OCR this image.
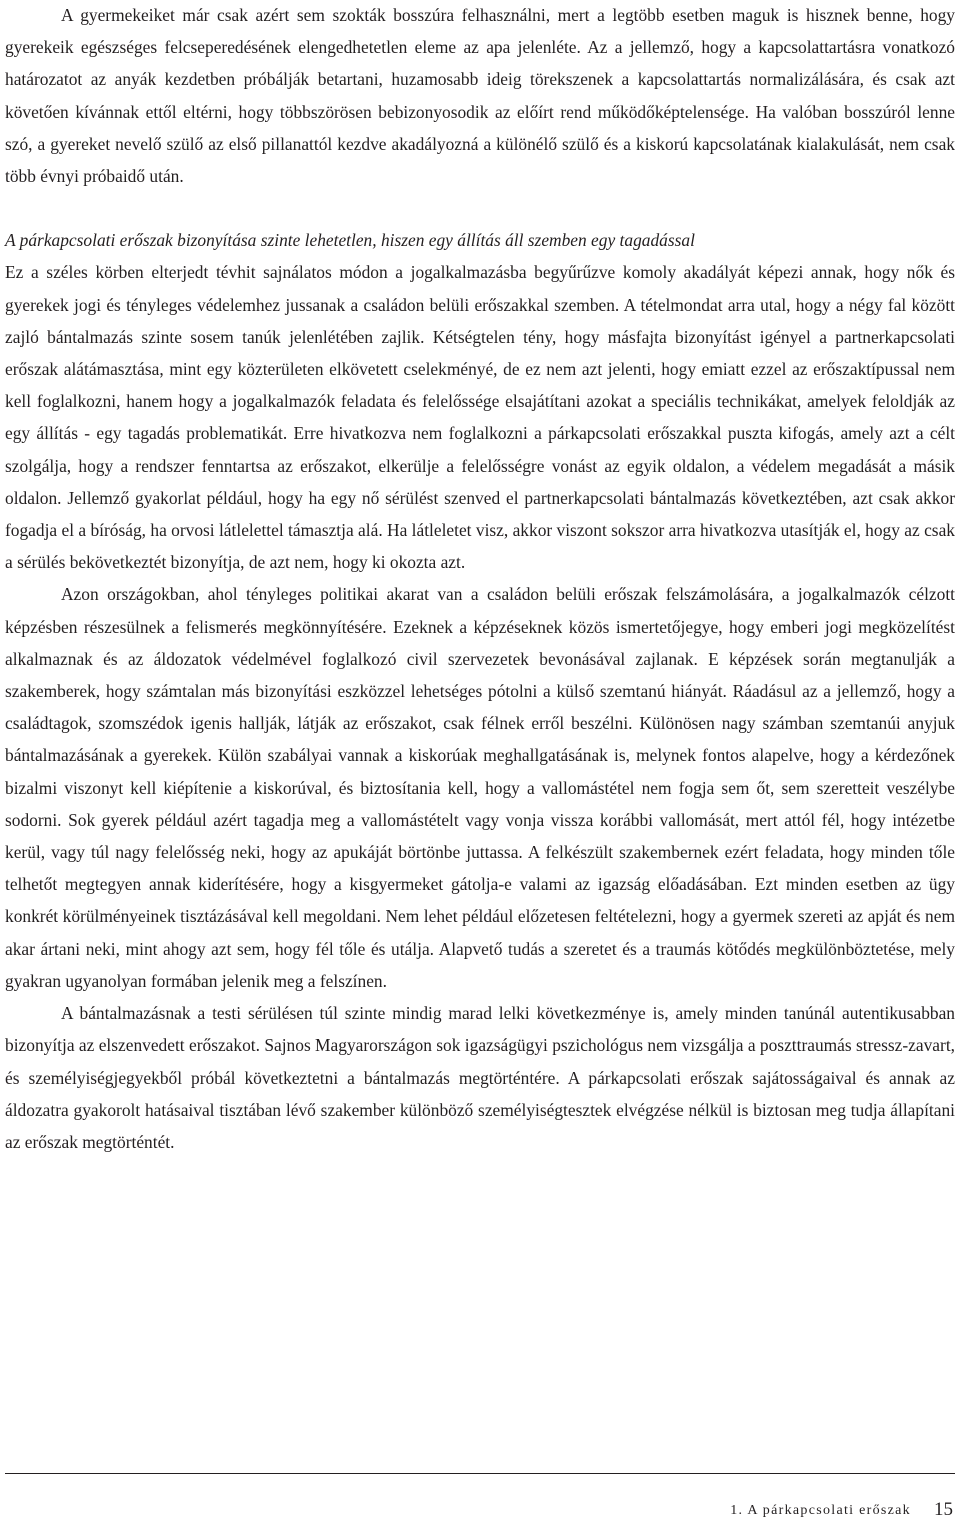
A gyermekeiket már csak azért sem szokták bosszúra felhasználni, mert a legtöbb esetben maguk is hisznek benne, hogy gyerekeik egészséges felcseperedésének elengedhetetlen eleme az apa jelenléte. Az a jellemző, hogy a kapcsolattartásra vonatkozó határozatot az anyák kezdetben próbálják betartani, huzamosabb ideig törekszenek a kapcsolattartás normalizálására, és csak azt követően kívánnak ettől eltérni, hogy többszörösen bebizonyosodik az előírt rend működőképtelensége. Ha valóban bosszúról lenne szó, a gyereket nevelő szülő az első pillanattól kezdve akadályozná a különélő szülő és a kiskorú kapcsolatának kialakulását, nem csak több évnyi próbaidő után.

A párkapcsolati erőszak bizonyítása szinte lehetetlen, hiszen egy állítás áll szemben egy tagadással

Ez a széles körben elterjedt tévhit sajnálatos módon a jogalkalmazásba begyűrűzve komoly akadályát képezi annak, hogy nők és gyerekek jogi és tényleges védelemhez jussanak a családon belüli erőszakkal szemben. A tételmondat arra utal, hogy a négy fal között zajló bántalmazás szinte sosem tanúk jelenlétében zajlik. Kétségtelen tény, hogy másfajta bizonyítást igényel a partnerkapcsolati erőszak alátámasztása, mint egy közterületen elkövetett cselekményé, de ez nem azt jelenti, hogy emiatt ezzel az erőszaktípussal nem kell foglalkozni, hanem hogy a jogalkalmazók feladata és felelőssége elsajátítani azokat a speciális technikákat, amelyek feloldják az egy állítás - egy tagadás problematikát. Erre hivatkozva nem foglalkozni a párkapcsolati erőszakkal puszta kifogás, amely azt a célt szolgálja, hogy a rendszer fenntartsa az erőszakot, elkerülje a felelősségre vonást az egyik oldalon, a védelem megadását a másik oldalon. Jellemző gyakorlat például, hogy ha egy nő sérülést szenved el partnerkapcsolati bántalmazás következtében, azt csak akkor fogadja el a bíróság, ha orvosi látlelettel támasztja alá. Ha látleletet visz, akkor viszont sokszor arra hivatkozva utasítják el, hogy az csak a sérülés bekövetkeztét bizonyítja, de azt nem, hogy ki okozta azt.

Azon országokban, ahol tényleges politikai akarat van a családon belüli erőszak felszámolására, a jogalkalmazók célzott képzésben részesülnek a felismerés megkönnyítésére. Ezeknek a képzéseknek közös ismertetőjegye, hogy emberi jogi megközelítést alkalmaznak és az áldozatok védelmével foglalkozó civil szervezetek bevonásával zajlanak. E képzések során megtanulják a szakemberek, hogy számtalan más bizonyítási eszközzel lehetséges pótolni a külső szemtanú hiányát. Ráadásul az a jellemző, hogy a családtagok, szomszédok igenis hallják, látják az erőszakot, csak félnek erről beszélni. Különösen nagy számban szemtanúi anyjuk bántalmazásának a gyerekek. Külön szabályai vannak a kiskorúak meghallgatásának is, melynek fontos alapelve, hogy a kérdezőnek bizalmi viszonyt kell kiépítenie a kiskorúval, és biztosítania kell, hogy a vallomástétel nem fogja sem őt, sem szeretteit veszélybe sodorni. Sok gyerek például azért tagadja meg a vallomástételt vagy vonja vissza korábbi vallomását, mert attól fél, hogy intézetbe kerül, vagy túl nagy felelősség neki, hogy az apukáját börtönbe juttassa. A felkészült szakembernek ezért feladata, hogy minden tőle telhetőt megtegyen annak kiderítésére, hogy a kisgyermeket gátolja-e valami az igazság előadásában. Ezt minden esetben az ügy konkrét körülményeinek tisztázásával kell megoldani. Nem lehet például előzetesen feltételezni, hogy a gyermek szereti az apját és nem akar ártani neki, mint ahogy azt sem, hogy fél tőle és utálja. Alapvető tudás a szeretet és a traumás kötődés megkülönböztetése, mely gyakran ugyanolyan formában jelenik meg a felszínen.

A bántalmazásnak a testi sérülésen túl szinte mindig marad lelki következménye is, amely minden tanúnál autentikusabban bizonyítja az elszenvedett erőszakot. Sajnos Magyarországon sok igazságügyi pszichológus nem vizsgálja a poszttraumás stressz-zavart, és személyiségjegyekből próbál következtetni a bántalmazás megtörténtére. A párkapcsolati erőszak sajátosságaival és annak az áldozatra gyakorolt hatásaival tisztában lévő szakember különböző személyiségtesztek elvégzése nélkül is biztosan meg tudja állapítani az erőszak megtörténtét.

1. A párkapcsolati erőszak 15
